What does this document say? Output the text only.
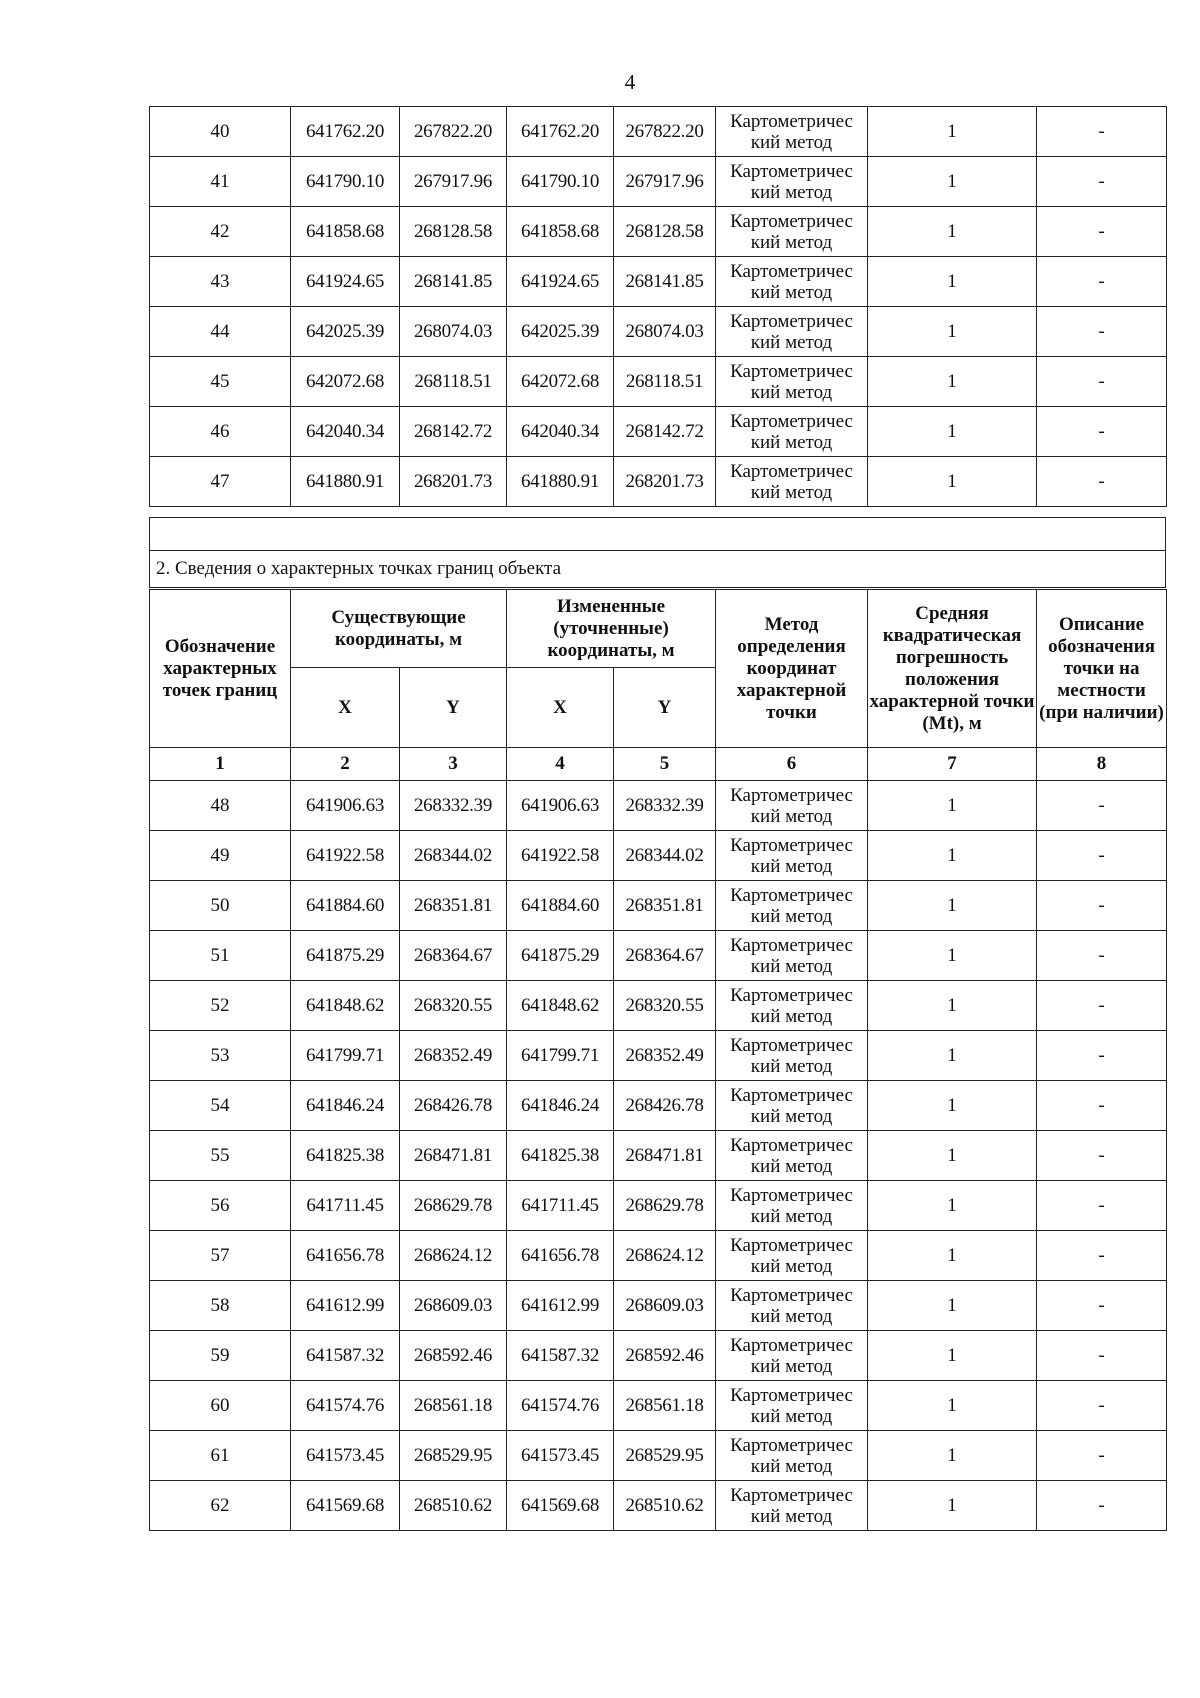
4
40	641762.20	267822.20	641762.20	267822.20	Картометричес
кий метод	1	-
41	641790.10	267917.96	641790.10	267917.96	Картометричес
кий метод	1	-
42	641858.68	268128.58	641858.68	268128.58	Картометричес
кий метод	1	-
43	641924.65	268141.85	641924.65	268141.85	Картометричес
кий метод	1	-
44	642025.39	268074.03	642025.39	268074.03	Картометричес
кий метод	1	-
45	642072.68	268118.51	642072.68	268118.51	Картометричес
кий метод	1	-
46	642040.34	268142.72	642040.34	268142.72	Картометричес
кий метод	1	-
47	641880.91	268201.73	641880.91	268201.73	Картометричес
кий метод	1	-

2. Сведения о характерных точках границ объекта
Обозначение характерных точек границ	Существующие координаты, м		Измененные (уточненные) координаты, м		Метод определения координат характерной точки	Средняя квадратическая погрешность положения характерной точки (Mt), м	Описание обозначения точки на местности (при наличии)
	X	Y	X	Y			
1	2	3	4	5	6	7	8
48	641906.63	268332.39	641906.63	268332.39	Картометричес
кий метод	1	-
49	641922.58	268344.02	641922.58	268344.02	Картометричес
кий метод	1	-
50	641884.60	268351.81	641884.60	268351.81	Картометричес
кий метод	1	-
51	641875.29	268364.67	641875.29	268364.67	Картометричес
кий метод	1	-
52	641848.62	268320.55	641848.62	268320.55	Картометричес
кий метод	1	-
53	641799.71	268352.49	641799.71	268352.49	Картометричес
кий метод	1	-
54	641846.24	268426.78	641846.24	268426.78	Картометричес
кий метод	1	-
55	641825.38	268471.81	641825.38	268471.81	Картометричес
кий метод	1	-
56	641711.45	268629.78	641711.45	268629.78	Картометричес
кий метод	1	-
57	641656.78	268624.12	641656.78	268624.12	Картометричес
кий метод	1	-
58	641612.99	268609.03	641612.99	268609.03	Картометричес
кий метод	1	-
59	641587.32	268592.46	641587.32	268592.46	Картометричес
кий метод	1	-
60	641574.76	268561.18	641574.76	268561.18	Картометричес
кий метод	1	-
61	641573.45	268529.95	641573.45	268529.95	Картометричес
кий метод	1	-
62	641569.68	268510.62	641569.68	268510.62	Картометричес
кий метод	1	-
